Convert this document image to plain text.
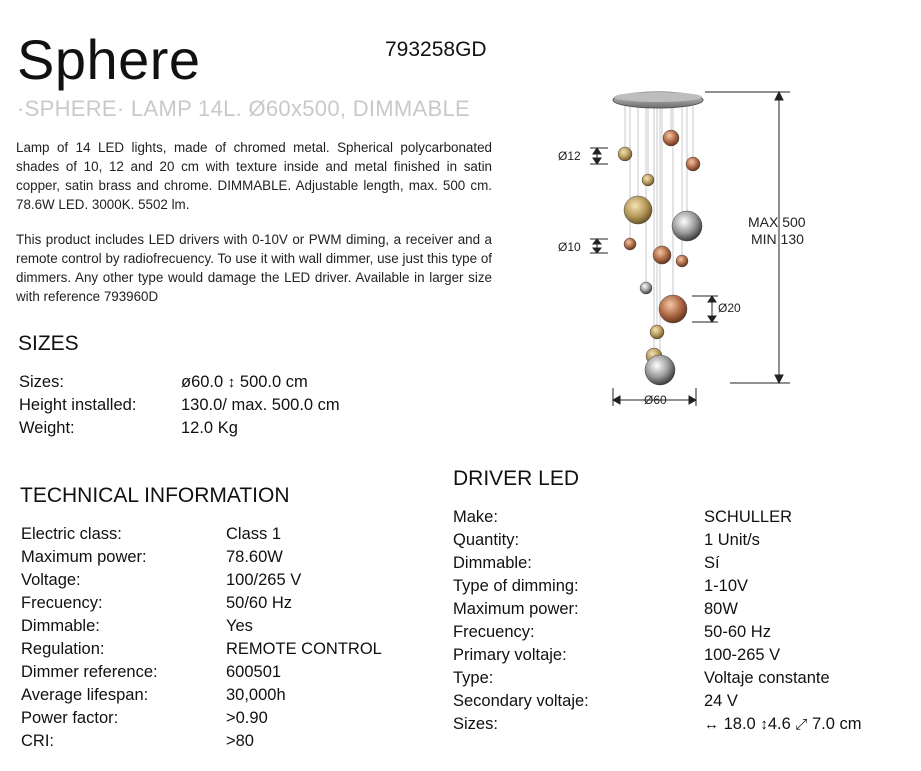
Sphere	793258GD
·SPHERE· LAMP 14L. Ø60x500, DIMMABLE

Lamp of 14 LED lights, made of chromed metal. Spherical polycarbonated shades of 10, 12 and 20 cm with texture inside and metal finished in satin copper, satin brass and chrome. DIMMABLE. Adjustable length, max. 500 cm. 78.6W LED. 3000K. 5502 lm.

This product includes LED drivers with 0-10V or PWM diming, a receiver and a remote control by radiofrecuency. To use it with wall dimmer, use just this type of dimmers. Any other type would damage the LED driver. Available in larger size with reference 793960D

Ø12
Ø10
Ø20
Ø60
MAX 500
MIN 130
SIZES
Sizes:	ø60.0 ↕ 500.0 cm
Height installed:	130.0/ max. 500.0 cm
Weight:	12.0 Kg
TECHNICAL INFORMATION
Electric class:	Class 1
Maximum power:	78.60W
Voltage:	100/265 V
Frecuency:	50/60 Hz
Dimmable:	Yes
Regulation:	REMOTE CONTROL
Dimmer reference:	600501
Average lifespan:	30,000h
Power factor:	>0.90
CRI:	>80
DRIVER LED
Make:	SCHULLER
Quantity:	1 Unit/s
Dimmable:	Sí
Type of dimming:	1-10V
Maximum power:	80W
Frecuency:	50-60 Hz
Primary voltaje:	100-265 V
Type:	Voltaje constante
Secondary voltaje:	24 V
Sizes:	↔ 18.0 ↕4.6 ⤢ 7.0 cm
